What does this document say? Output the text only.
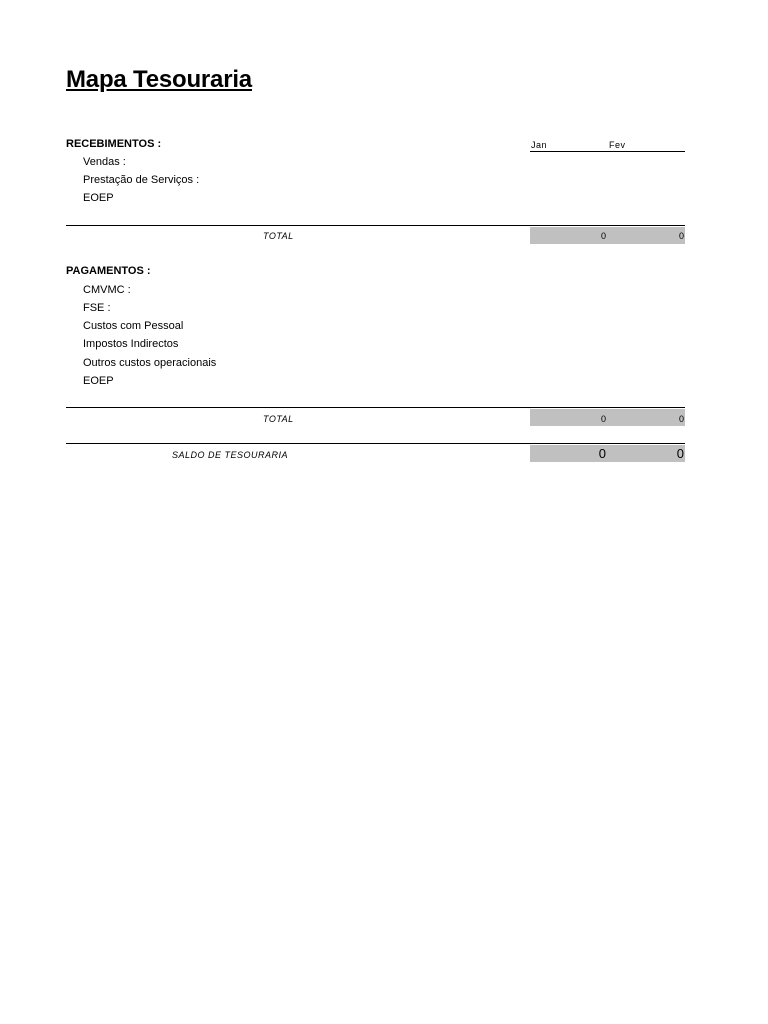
Mapa Tesouraria
Jan	Fev
RECEBIMENTOS :
Vendas :
Prestação de Serviços :
EOEP
TOTAL	0	0
PAGAMENTOS :
CMVMC :
FSE :
Custos com Pessoal
Impostos Indirectos
Outros custos operacionais
EOEP
TOTAL	0	0
SALDO DE TESOURARIA	0	0
